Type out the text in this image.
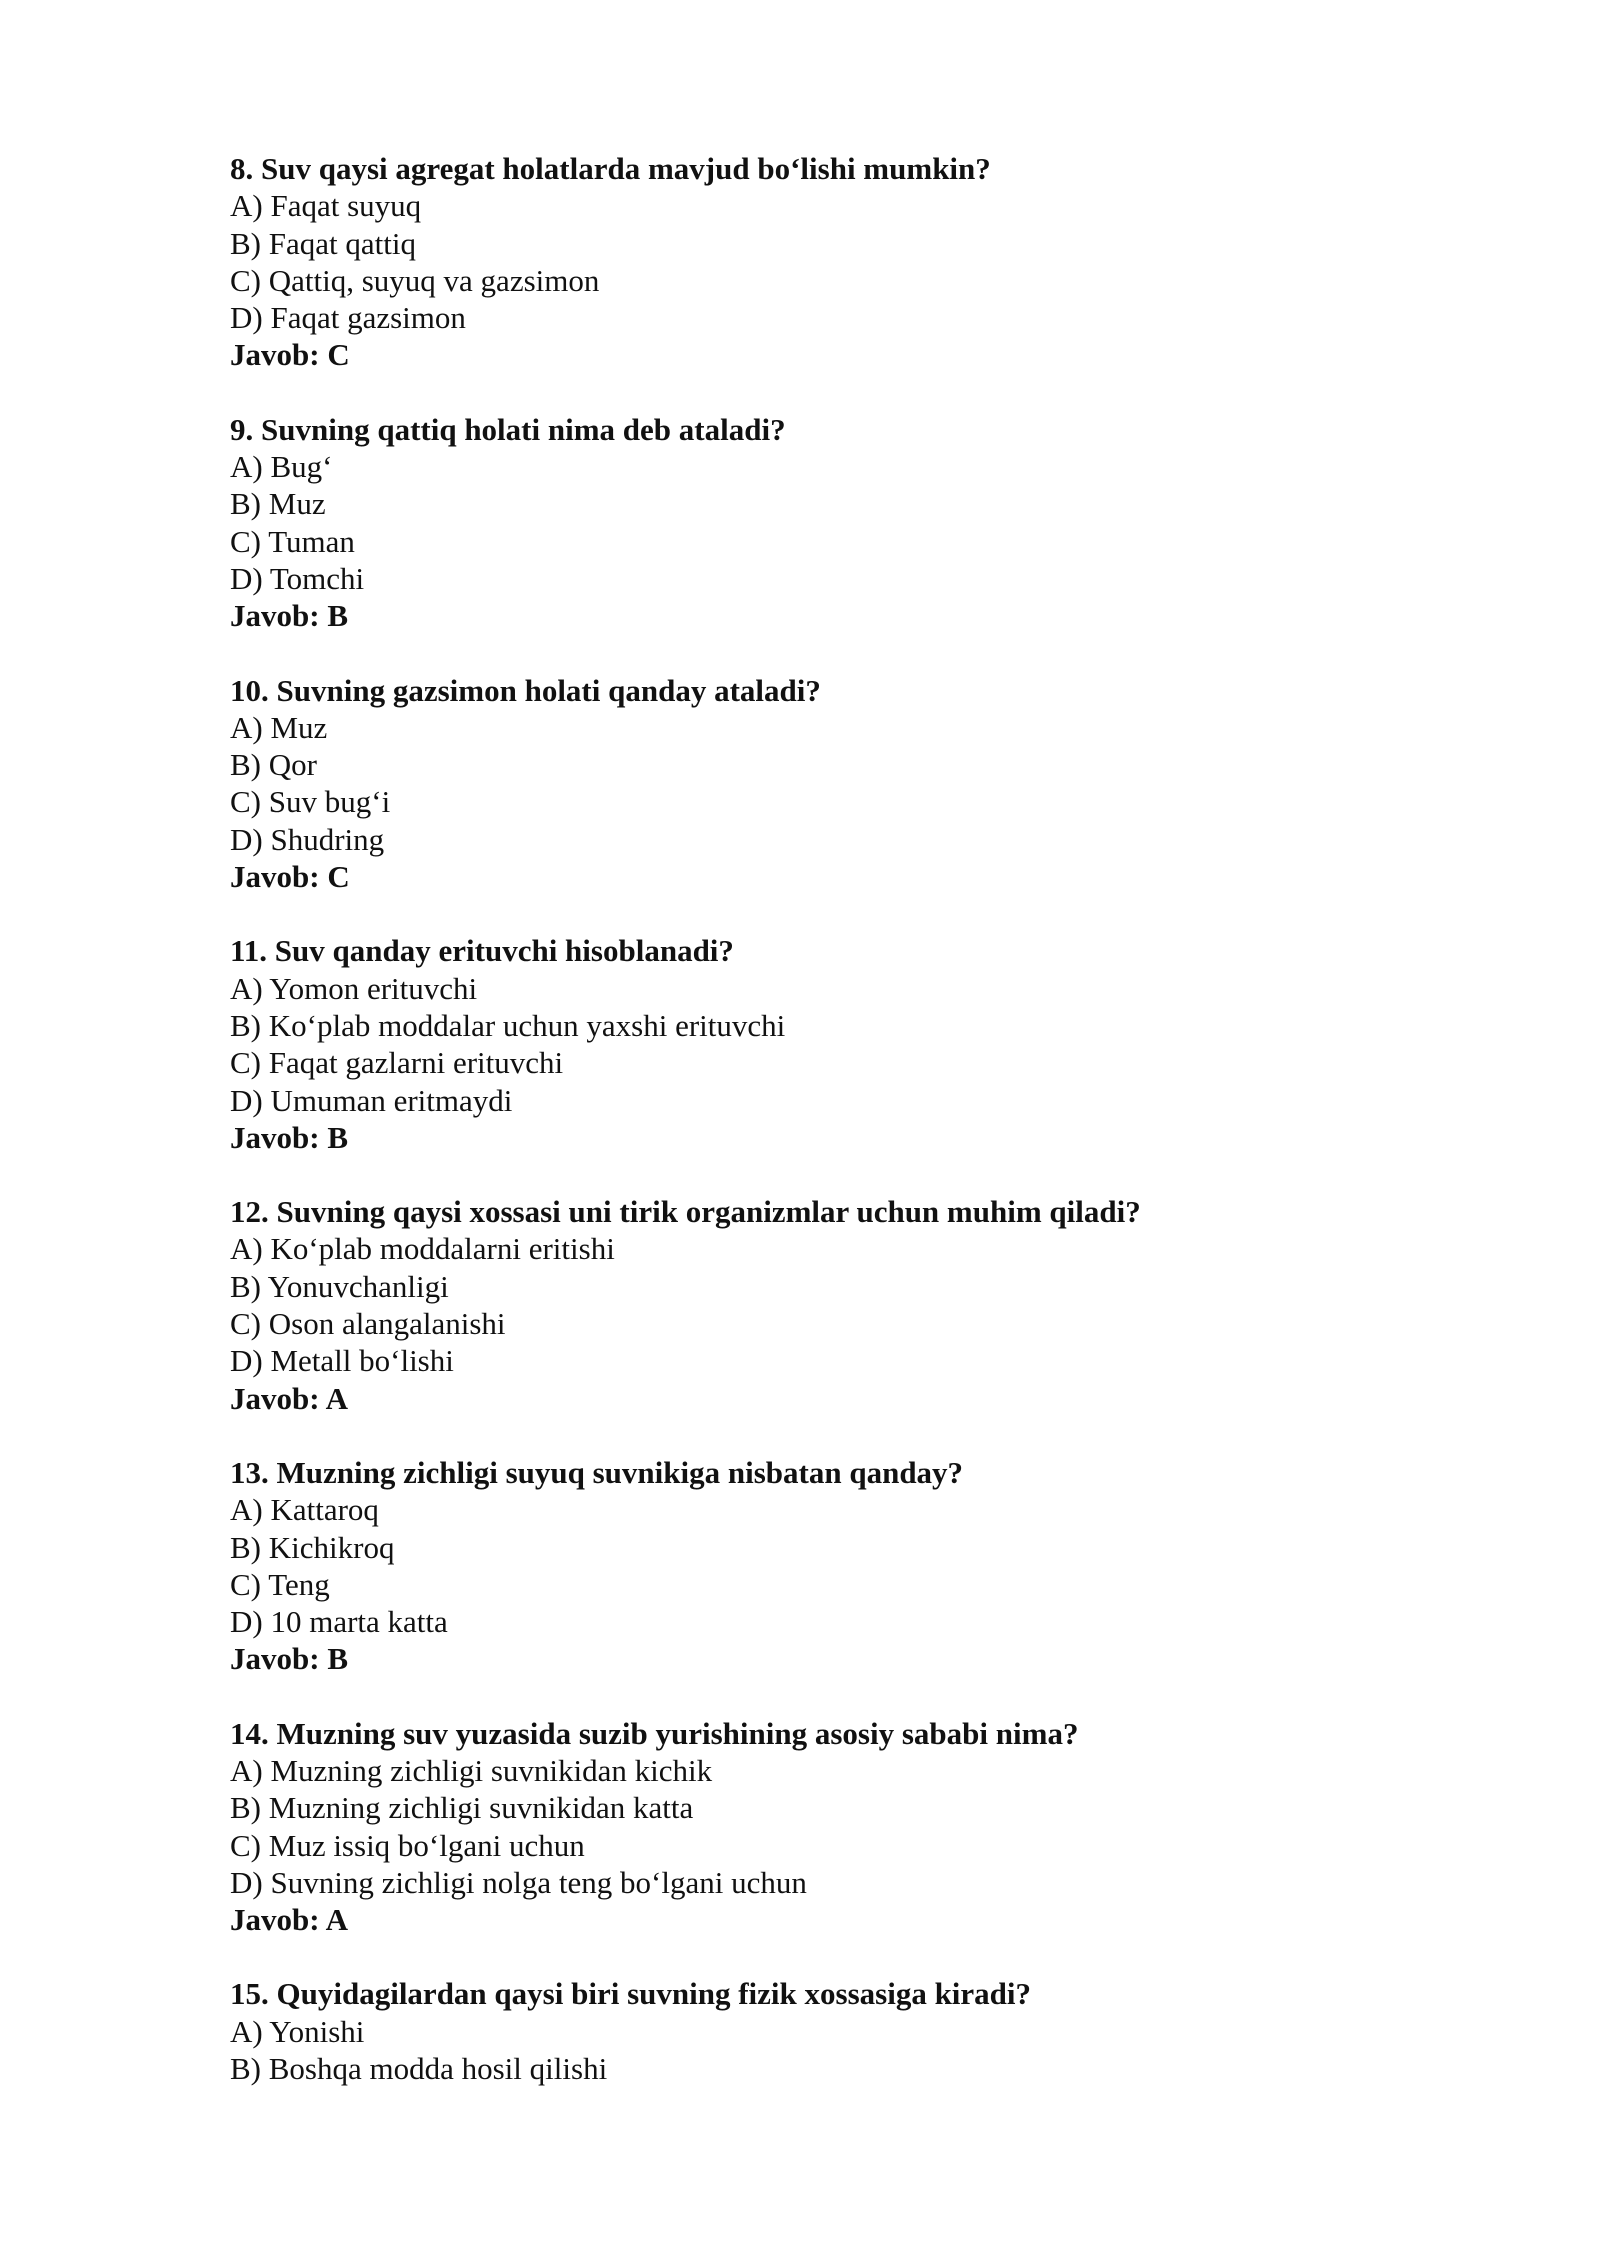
8. Suv qaysi agregat holatlarda mavjud bo‘lishi mumkin?
A) Faqat suyuq
B) Faqat qattiq
C) Qattiq, suyuq va gazsimon
D) Faqat gazsimon
Javob: C
9. Suvning qattiq holati nima deb ataladi?
A) Bug‘
B) Muz
C) Tuman
D) Tomchi
Javob: B
10. Suvning gazsimon holati qanday ataladi?
A) Muz
B) Qor
C) Suv bug‘i
D) Shudring
Javob: C
11. Suv qanday erituvchi hisoblanadi?
A) Yomon erituvchi
B) Ko‘plab moddalar uchun yaxshi erituvchi
C) Faqat gazlarni erituvchi
D) Umuman eritmaydi
Javob: B
12. Suvning qaysi xossasi uni tirik organizmlar uchun muhim qiladi?
A) Ko‘plab moddalarni eritishi
B) Yonuvchanligi
C) Oson alangalanishi
D) Metall bo‘lishi
Javob: A
13. Muzning zichligi suyuq suvnikiga nisbatan qanday?
A) Kattaroq
B) Kichikroq
C) Teng
D) 10 marta katta
Javob: B
14. Muzning suv yuzasida suzib yurishining asosiy sababi nima?
A) Muzning zichligi suvnikidan kichik
B) Muzning zichligi suvnikidan katta
C) Muz issiq bo‘lgani uchun
D) Suvning zichligi nolga teng bo‘lgani uchun
Javob: A
15. Quyidagilardan qaysi biri suvning fizik xossasiga kiradi?
A) Yonishi
B) Boshqa modda hosil qilishi
